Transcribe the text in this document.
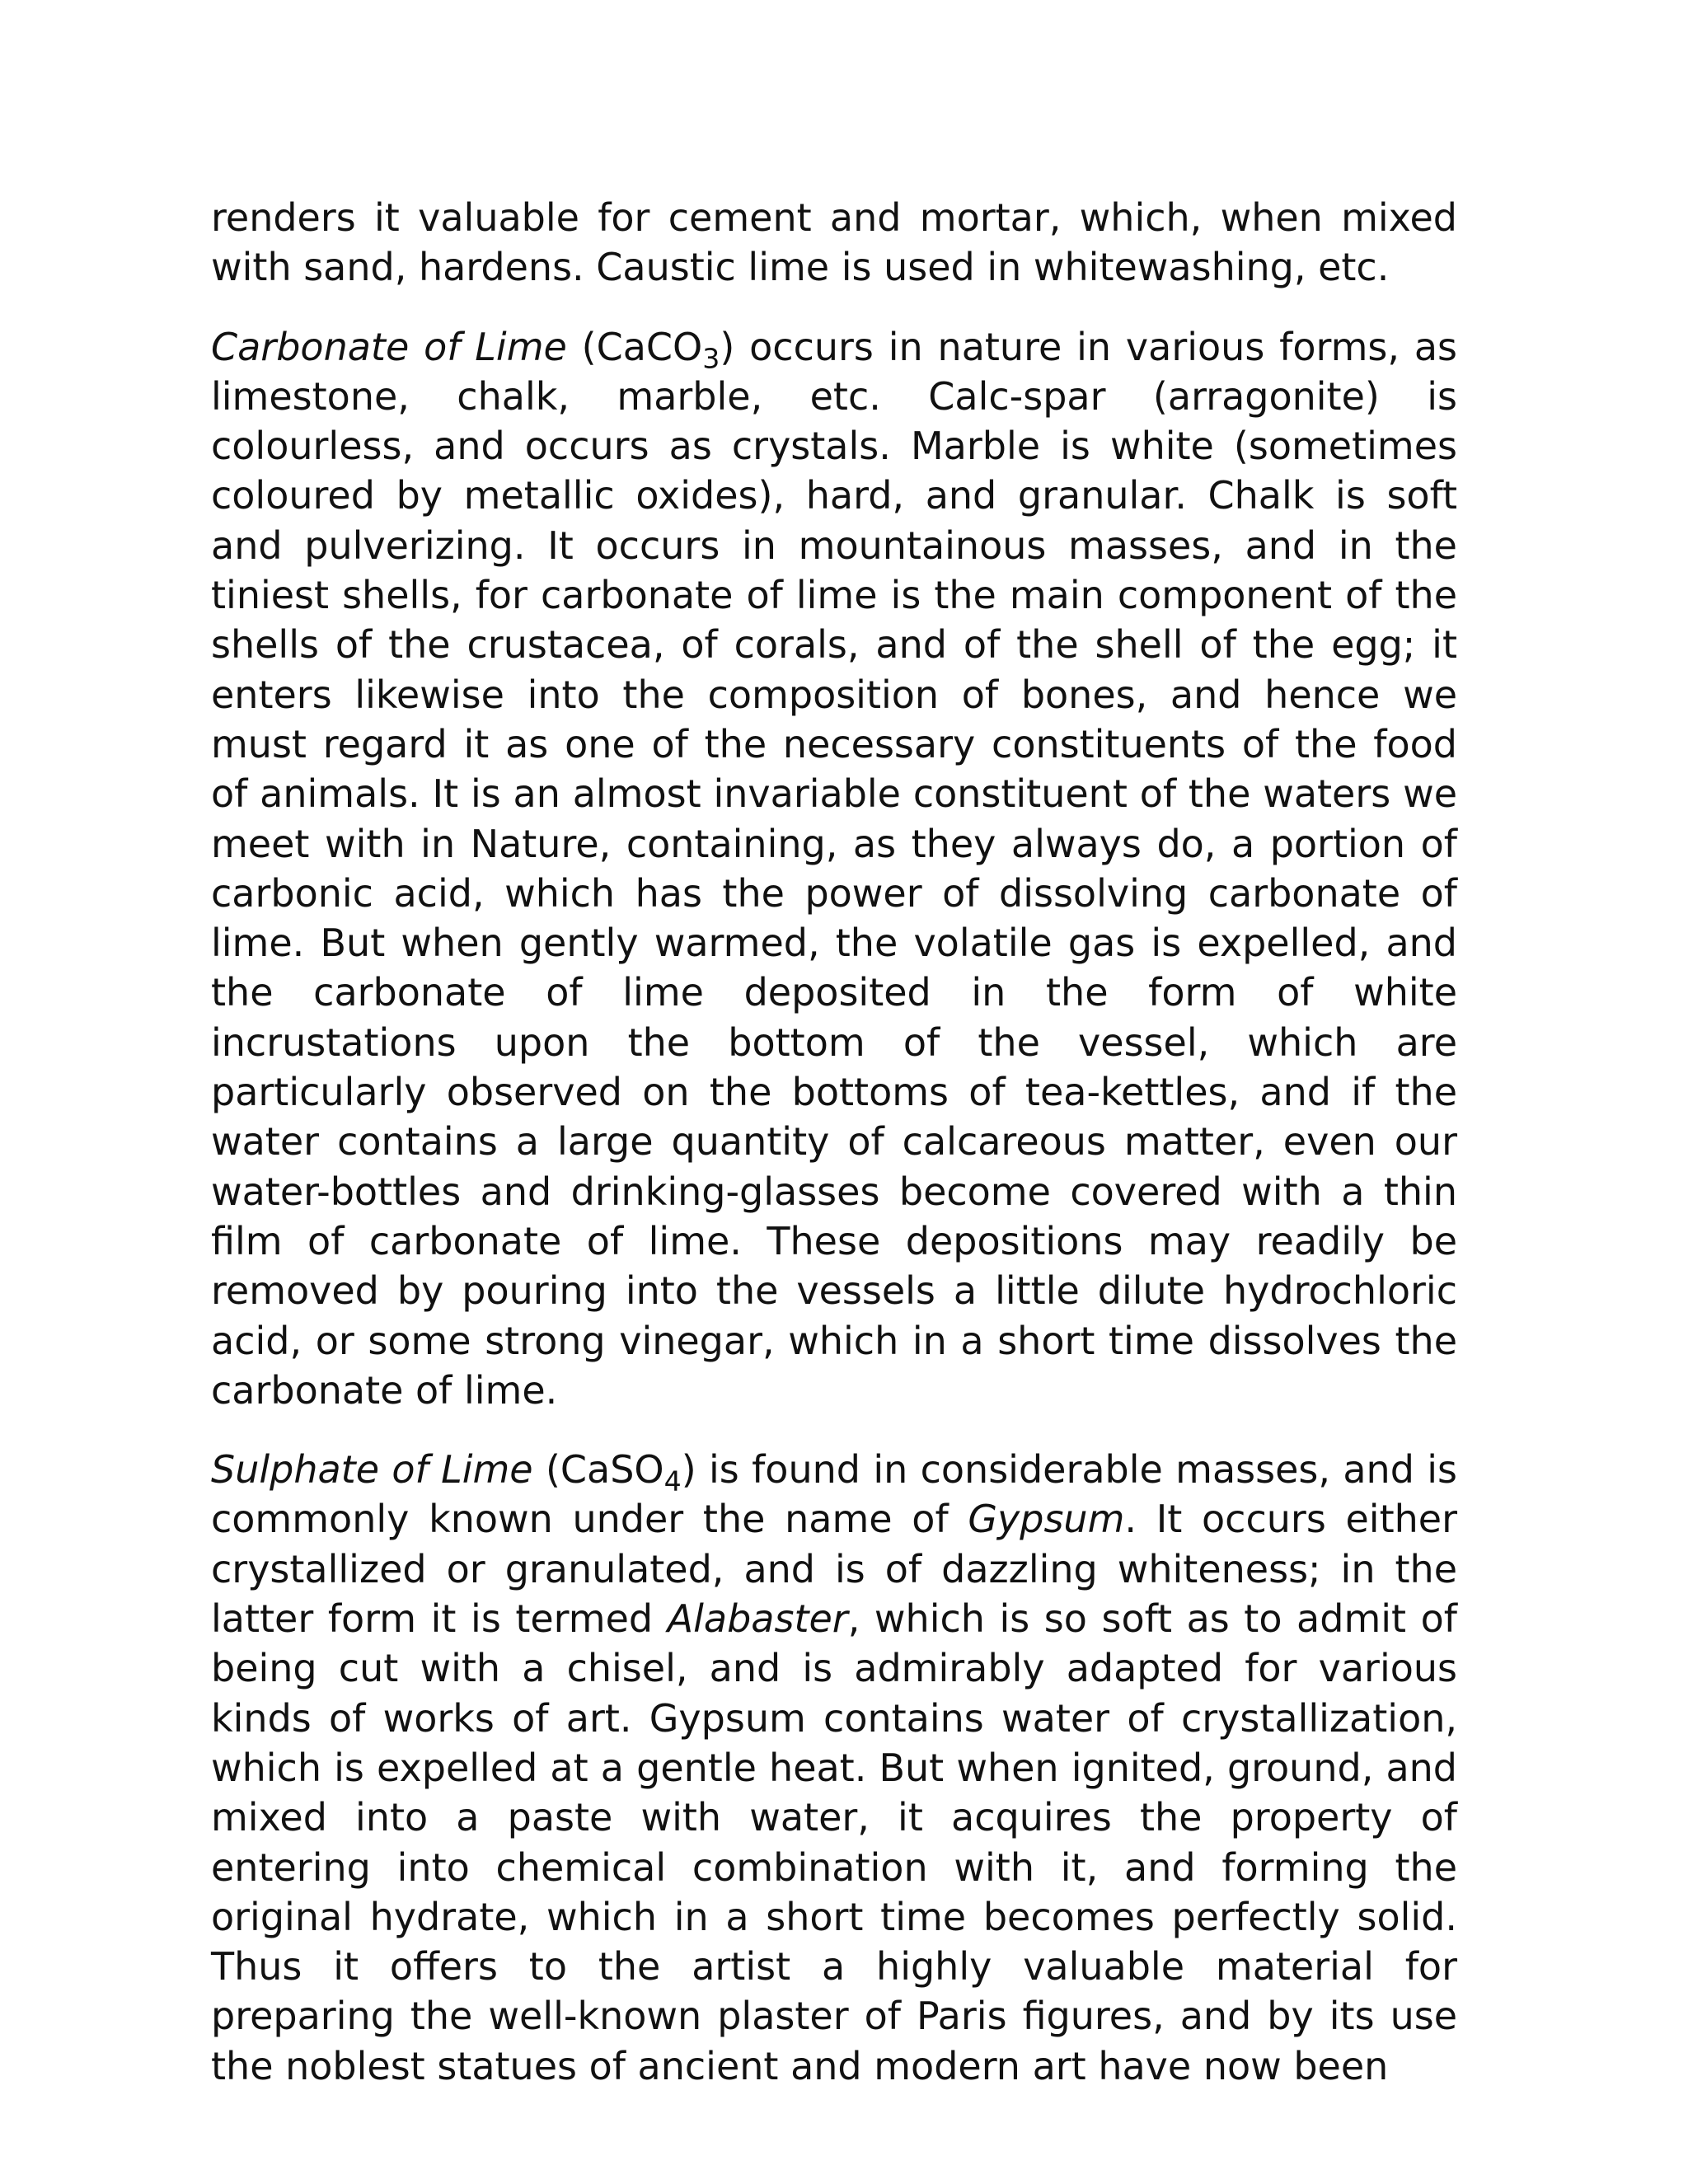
renders it valuable for cement and mortar, which, when mixed with sand, hardens. Caustic lime is used in whitewashing, etc.

Carbonate of Lime (CaCO$_3$) occurs in nature in various forms, as limestone, chalk, marble, etc. Calc-spar (arragonite) is colourless, and occurs as crystals. Marble is white (sometimes coloured by metallic oxides), hard, and granular. Chalk is soft and pulverizing. It occurs in mountainous masses, and in the tiniest shells, for carbonate of lime is the main component of the shells of the crustacea, of corals, and of the shell of the egg; it enters likewise into the composition of bones, and hence we must regard it as one of the necessary constituents of the food of animals. It is an almost invariable constituent of the waters we meet with in Nature, containing, as they always do, a portion of carbonic acid, which has the power of dissolving carbonate of lime. But when gently warmed, the volatile gas is expelled, and the carbonate of lime deposited in the form of white incrustations upon the bottom of the vessel, which are particularly observed on the bottoms of tea-kettles, and if the water contains a large quantity of calcareous matter, even our water-bottles and drinking-glasses become covered with a thin film of carbonate of lime. These depositions may readily be removed by pouring into the vessels a little dilute hydrochloric acid, or some strong vinegar, which in a short time dissolves the carbonate of lime.

Sulphate of Lime (CaSO$_4$) is found in considerable masses, and is commonly known under the name of Gypsum. It occurs either crystallized or granulated, and is of dazzling whiteness; in the latter form it is termed Alabaster, which is so soft as to admit of being cut with a chisel, and is admirably adapted for various kinds of works of art. Gypsum contains water of crystallization, which is expelled at a gentle heat. But when ignited, ground, and mixed into a paste with water, it acquires the property of entering into chemical combination with it, and forming the original hydrate, which in a short time becomes perfectly solid. Thus it offers to the artist a highly valuable material for preparing the well-known plaster of Paris figures, and by its use the noblest statues of ancient and modern art have now been
